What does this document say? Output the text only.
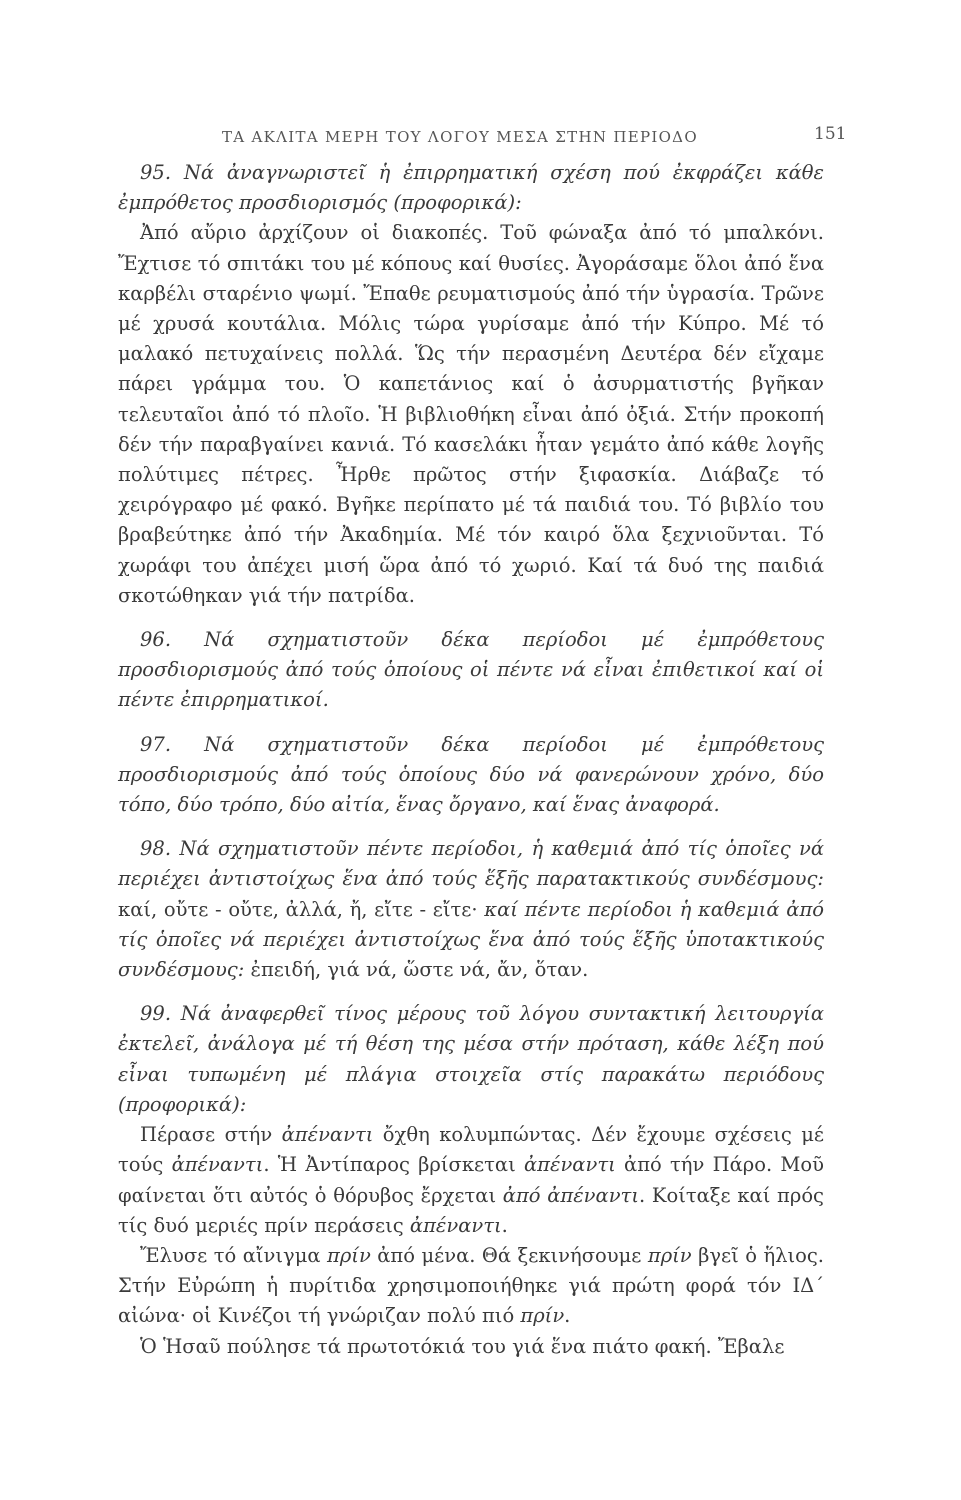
ΤΑ ΑΚΛΙΤΑ ΜΕΡΗ ΤΟΥ ΛΟΓΟΥ ΜΕΣΑ ΣΤΗΝ ΠΕΡΙΟΔΟ	151

95. Νά ἀναγνωριστεῖ ἡ ἐπιρρηματική σχέση πού ἐκφράζει κάθε ἐμπρόθετος προσδιορισμός (προφορικά):

Ἀπό αὔριο ἀρχίζουν οἱ διακοπές. Τοῦ φώναξα ἀπό τό μπαλκόνι. Ἔχτισε τό σπιτάκι του μέ κόπους καί θυσίες. Ἀγοράσαμε ὅλοι ἀπό ἕνα καρβέλι σταρένιο ψωμί. Ἔπαθε ρευματισμούς ἀπό τήν ὑγρασία. Τρῶνε μέ χρυσά κουτάλια. Μόλις τώρα γυρίσαμε ἀπό τήν Κύπρο. Μέ τό μαλακό πετυχαίνεις πολλά. Ὥς τήν περασμένη Δευτέρα δέν εἴχαμε πάρει γράμμα του. Ὁ καπετάνιος καί ὁ ἀσυρματιστής βγῆκαν τελευταῖοι ἀπό τό πλοῖο. Ἡ βιβλιοθήκη εἶναι ἀπό ὀξιά. Στήν προκοπή δέν τήν παραβγαίνει κανιά. Τό κασελάκι ἦταν γεμάτο ἀπό κάθε λογῆς πολύτιμες πέτρες. Ἦρθε πρῶτος στήν ξιφασκία. Διάβαζε τό χειρόγραφο μέ φακό. Βγῆκε περίπατο μέ τά παιδιά του. Τό βιβλίο του βραβεύτηκε ἀπό τήν Ἀκαδημία. Μέ τόν καιρό ὅλα ξεχνιοῦνται. Τό χωράφι του ἀπέχει μισή ὥρα ἀπό τό χωριό. Καί τά δυό της παιδιά σκοτώθηκαν γιά τήν πατρίδα.

96. Νά σχηματιστοῦν δέκα περίοδοι μέ ἐμπρόθετους προσδιορισμούς ἀπό τούς ὁποίους οἱ πέντε νά εἶναι ἐπιθετικοί καί οἱ πέντε ἐπιρρηματικοί.

97. Νά σχηματιστοῦν δέκα περίοδοι μέ ἐμπρόθετους προσδιορισμούς ἀπό τούς ὁποίους δύο νά φανερώνουν χρόνο, δύο τόπο, δύο τρόπο, δύο αἰτία, ἕνας ὄργανο, καί ἕνας ἀναφορά.

98. Νά σχηματιστοῦν πέντε περίοδοι, ἡ καθεμιά ἀπό τίς ὁποῖες νά περιέχει ἀντιστοίχως ἕνα ἀπό τούς ἕξῆς παρατακτικούς συνδέσμους: καί, οὔτε - οὔτε, ἀλλά, ἤ, εἴτε - εἴτε· καί πέντε περίοδοι ἡ καθεμιά ἀπό τίς ὁποῖες νά περιέχει ἀντιστοίχως ἕνα ἀπό τούς ἕξῆς ὑποτακτικούς συνδέσμους: ἐπειδή, γιά νά, ὥστε νά, ἄν, ὅταν.

99. Νά ἀναφερθεῖ τίνος μέρους τοῦ λόγου συντακτική λειτουργία ἐκτελεῖ, ἀνάλογα μέ τή θέση της μέσα στήν πρόταση, κάθε λέξη πού εἶναι τυπωμένη μέ πλάγια στοιχεῖα στίς παρακάτω περιόδους (προφορικά):

Πέρασε στήν ἀπέναντι ὄχθη κολυμπώντας. Δέν ἔχουμε σχέσεις μέ τούς ἀπέναντι. Ἡ Ἀντίπαρος βρίσκεται ἀπέναντι ἀπό τήν Πάρο. Μοῦ φαίνεται ὅτι αὐτός ὁ θόρυβος ἔρχεται ἀπό ἀπέναντι. Κοίταξε καί πρός τίς δυό μεριές πρίν περάσεις ἀπέναντι.

Ἔλυσε τό αἴνιγμα πρίν ἀπό μένα. Θά ξεκινήσουμε πρίν βγεῖ ὁ ἥλιος. Στήν Εὐρώπη ἡ πυρίτιδα χρησιμοποιήθηκε γιά πρώτη φορά τόν ΙΔ΄ αἰώνα· οἱ Κινέζοι τή γνώριζαν πολύ πιό πρίν.

Ὁ Ἡσαῦ πούλησε τά πρωτοτόκιά του γιά ἕνα πιάτο φακή. Ἔβαλε
